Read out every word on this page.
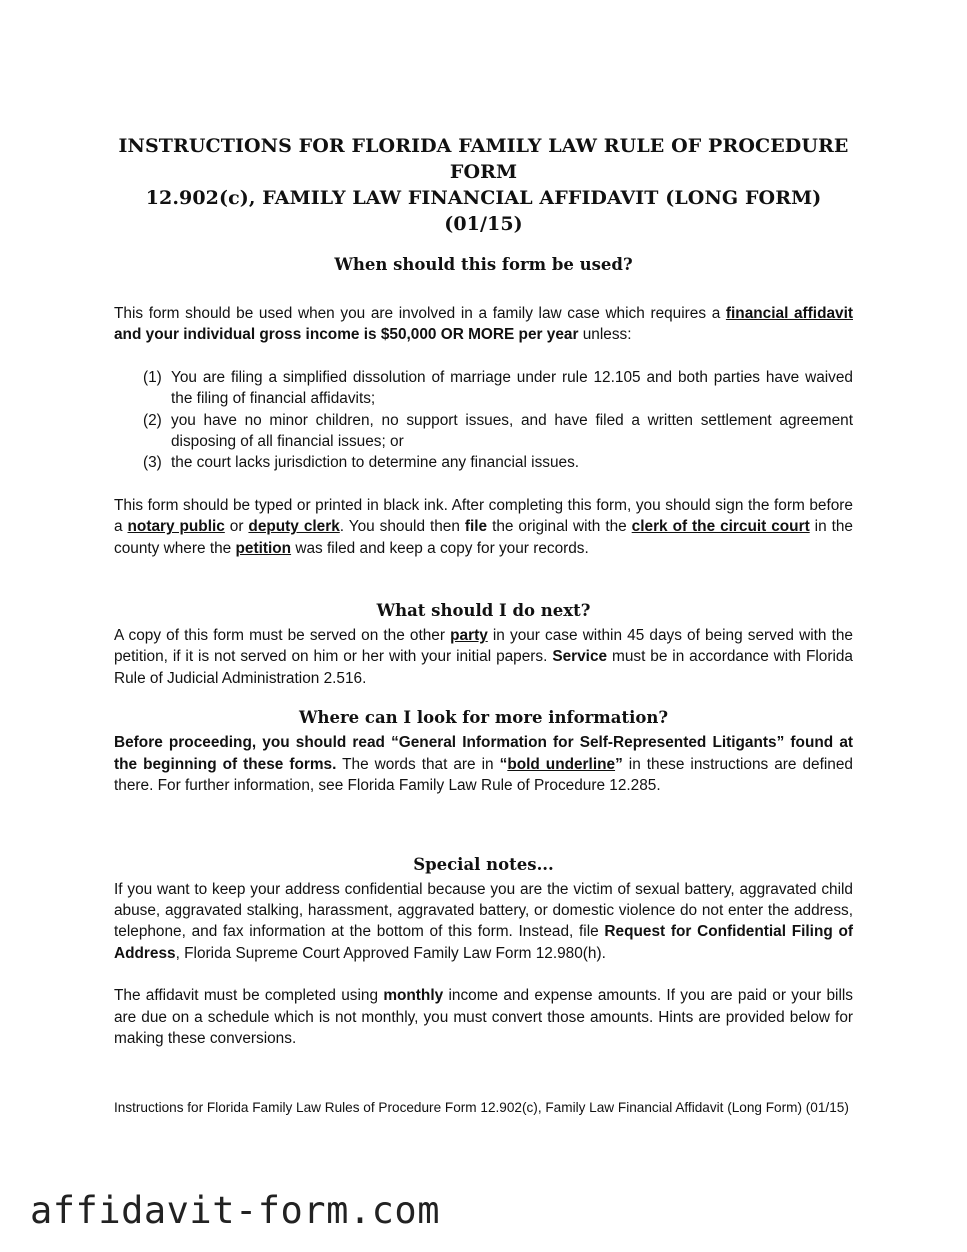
INSTRUCTIONS FOR FLORIDA FAMILY LAW RULE OF PROCEDURE FORM
12.902(c), FAMILY LAW FINANCIAL AFFIDAVIT (LONG FORM)(01/15)
When should this form be used?

This form should be used when you are involved in a family law case which requires a financial affidavit and your individual gross income is $50,000 OR MORE per year unless:

(1) You are filing a simplified dissolution of marriage under rule 12.105 and both parties have waived the filing of financial affidavits;
(2) you have no minor children, no support issues, and have filed a written settlement agreement disposing of all financial issues; or
(3) the court lacks jurisdiction to determine any financial issues.

This form should be typed or printed in black ink. After completing this form, you should sign the form before a notary public or deputy clerk. You should then file the original with the clerk of the circuit court in the county where the petition was filed and keep a copy for your records.

What should I do next?

A copy of this form must be served on the other party in your case within 45 days of being served with the petition, if it is not served on him or her with your initial papers. Service must be in accordance with Florida Rule of Judicial Administration 2.516.

Where can I look for more information?

Before proceeding, you should read “General Information for Self-Represented Litigants” found at the beginning of these forms. The words that are in “bold underline” in these instructions are defined there. For further information, see Florida Family Law Rule of Procedure 12.285.

Special notes...

If you want to keep your address confidential because you are the victim of sexual battery, aggravated child abuse, aggravated stalking, harassment, aggravated battery, or domestic violence do not enter the address, telephone, and fax information at the bottom of this form. Instead, file Request for Confidential Filing of Address, Florida Supreme Court Approved Family Law Form 12.980(h).

The affidavit must be completed using monthly income and expense amounts. If you are paid or your bills are due on a schedule which is not monthly, you must convert those amounts. Hints are provided below for making these conversions.

Instructions for Florida Family Law Rules of Procedure Form 12.902(c), Family Law Financial Affidavit (Long Form) (01/15)
affidavit-form.com
